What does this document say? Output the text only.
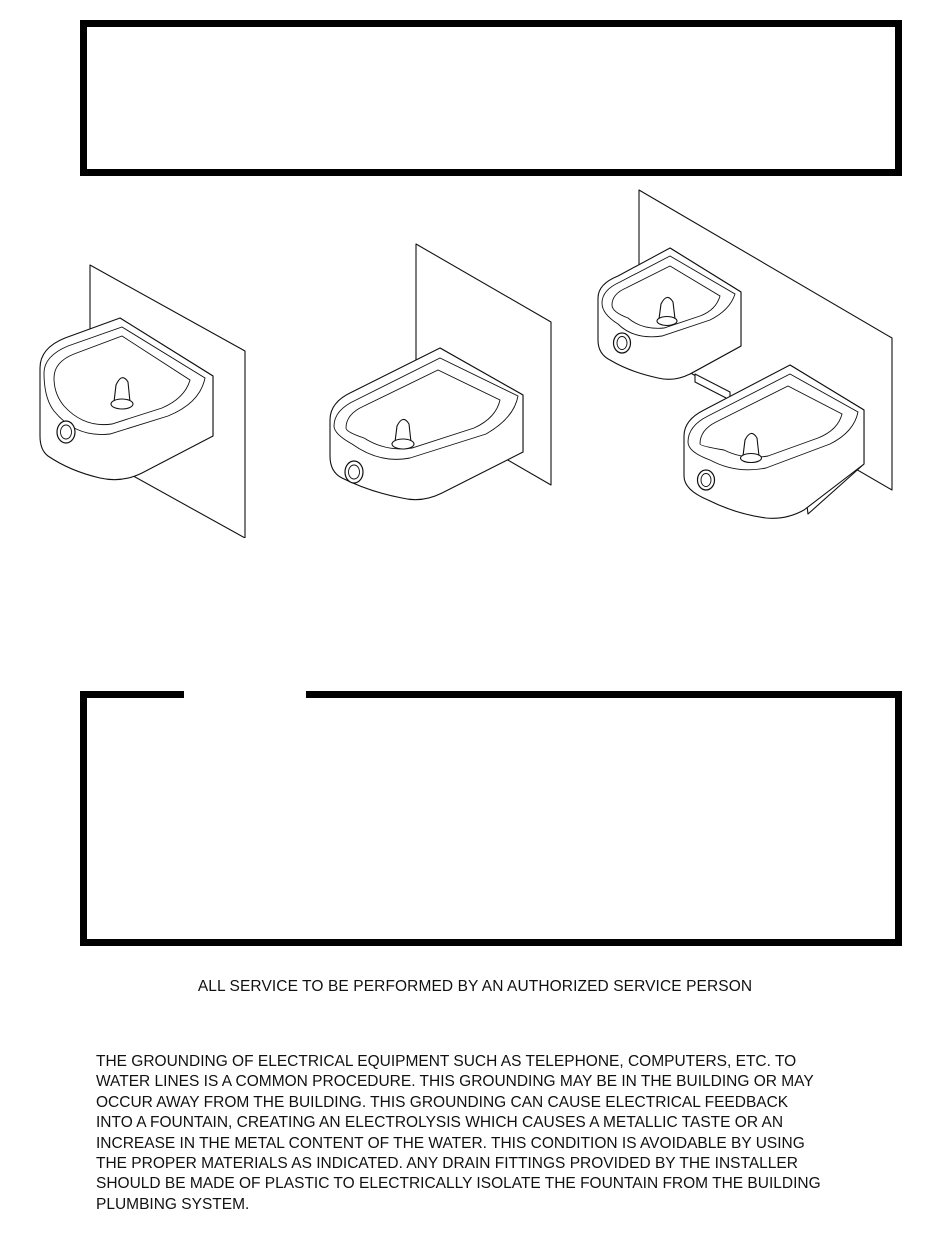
ALL SERVICE TO BE PERFORMED BY AN AUTHORIZED SERVICE PERSON
THE GROUNDING OF ELECTRICAL EQUIPMENT SUCH AS TELEPHONE, COMPUTERS, ETC. TO
WATER LINES IS A COMMON PROCEDURE. THIS GROUNDING MAY BE IN THE BUILDING OR MAY
OCCUR AWAY FROM THE BUILDING. THIS GROUNDING CAN CAUSE ELECTRICAL FEEDBACK
INTO A FOUNTAIN, CREATING AN ELECTROLYSIS WHICH CAUSES A METALLIC TASTE OR AN
INCREASE IN THE METAL CONTENT OF THE WATER. THIS CONDITION IS AVOIDABLE BY USING
THE PROPER MATERIALS AS INDICATED. ANY DRAIN FITTINGS PROVIDED BY THE INSTALLER
SHOULD BE MADE OF PLASTIC TO ELECTRICALLY ISOLATE THE FOUNTAIN FROM THE BUILDING
PLUMBING SYSTEM.
